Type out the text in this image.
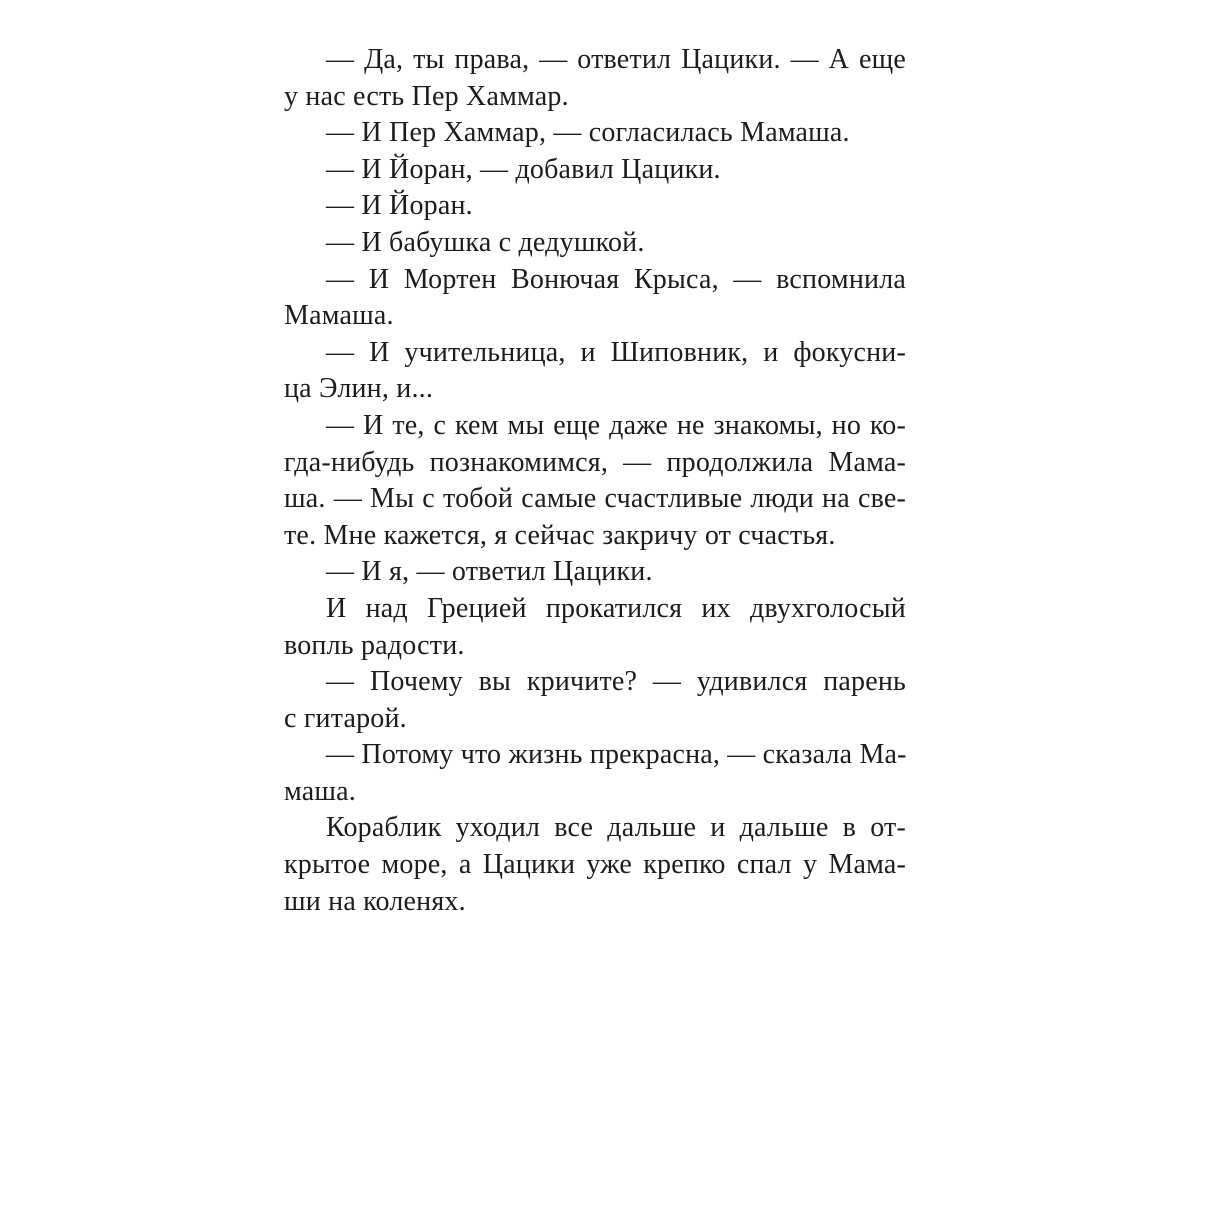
— Да, ты права, — ответил Цацики. — А еще
у нас есть Пер Хаммар.
— И Пер Хаммар, — согласилась Мамаша.
— И Йоран, — добавил Цацики.
— И Йоран.
— И бабушка с дедушкой.
— И Мортен Вонючая Крыса, — вспомнила
Мамаша.
— И учительница, и Шиповник, и фокусни-
ца Элин, и...
— И те, с кем мы еще даже не знакомы, но ко-
гда-нибудь познакомимся, — продолжила Мама-
ша. — Мы с тобой самые счастливые люди на све-
те. Мне кажется, я сейчас закричу от счастья.
— И я, — ответил Цацики.
И над Грецией прокатился их двухголосый
вопль радости.
— Почему вы кричите? — удивился парень
с гитарой.
— Потому что жизнь прекрасна, — сказала Ма-
маша.
Кораблик уходил все дальше и дальше в от-
крытое море, а Цацики уже крепко спал у Мама-
ши на коленях.
